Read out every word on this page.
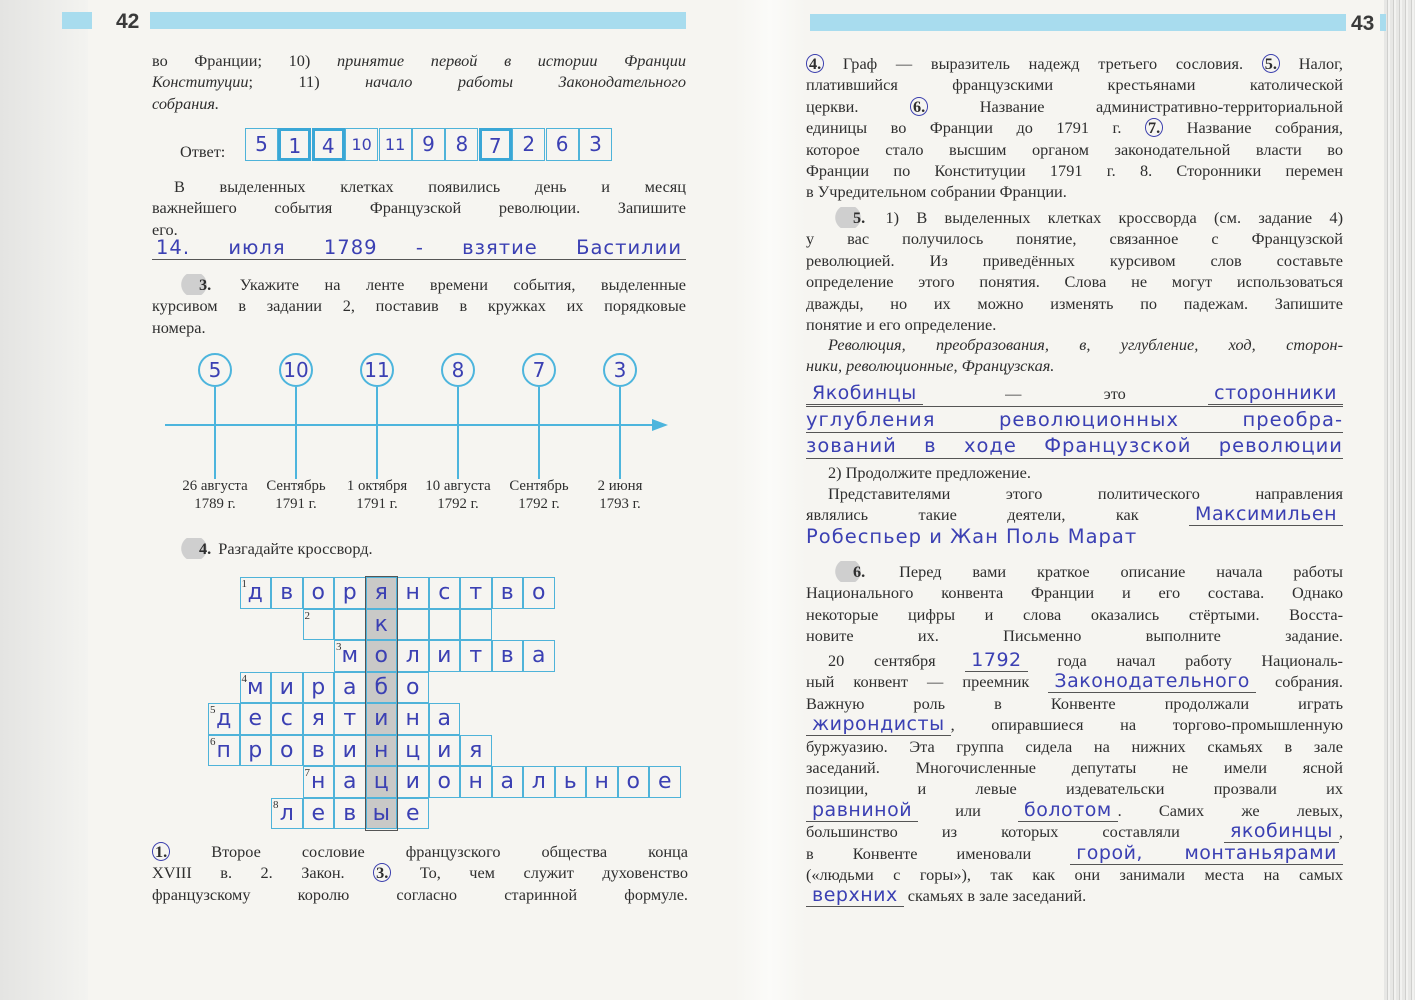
42	43
во Франции; 10) принятие первой в истории Франции
Конституции; 11)	начало работы Законодательного
собрания.
Ответ:	5	1	4	10 11 9	8	7	2	6	3
В выделенных клетках появились день и месяц
важнейшего события Французской революции. Запишите
его.
14. июля 1789 - взятие Бастилии
3. Укажите на ленте времени события, выделенные
курсивом в задании 2, поставив в кружках их порядковые
номера.
5
26 августа
1789 г.
10
Сентябрь
1791 г.
11
1 октября
1791 г.
8
10 августа
1792 г.
7
Сентябрь
1792 г.
3
2 июня
1793 г.
4. Разгадайте кроссворд.
д в о р я н с т в о
1
к
2
м о л и т в а
3
м и р а б о
4
д е с я т и н а
5
п р о в и н ц и я
6
н а ц и о н а л ь н о е
7
л е в ы е
8
1.	Второе сословие французского общества конца
XVIII в. 2. Закон. 3. То, чем служит духовенство
французскому королю согласно старинной формуле.
4. Граф — выразитель надежд третьего сословия. 5. Налог,
платившийся французскими крестьянами католической
церкви.	6.	Название административно-территориальной
единицы во Франции до 1791 г. 7. Название собрания,
которое стало высшим органом законодательной власти во
Франции по Конституции 1791 г. 8. Сторонники перемен
в Учредительном собрании Франции.
5. 1) В выделенных клетках кроссворда (см. задание 4)
у вас получилось понятие, связанное с Французской
революцией. Из приведённых курсивом слов составьте
определение этого понятия. Слова не могут использоваться
дважды, но их можно изменять по падежам. Запишите
понятие и его определение.
Революция, преобразования, в, углубление, ход, сторон-
ники, революционные, Французская.
Якобинцы	— это	сторонники
углубления революционных преобра-
зований в ходе Французской революции
2) Продолжите предложение.
Представителями этого политического направления
являлись такие деятели, как	Максимильен
Робеспьер и Жан Поль Марат
6. Перед вами краткое описание начала работы
Национального конвента Франции и его состава. Однако
некоторые цифры и слова оказались стёртыми. Восста-
новите их. Письменно выполните задание.
20 сентября 1792 года начал работу Националь-
ный конвент — преемник Законодательного собрания.
Важную роль в Конвенте продолжали играть
жирондисты , опиравшиеся на торгово-промышленную
буржуазию. Эта группа сидела на нижних скамьях в зале
заседаний. Многочисленные депутаты не имели ясной
позиции, и левые издевательски прозвали их
равниной	или болотом . Самих же левых,
большинство из которых составляли	якобинцы ,
в Конвенте именовали горой, монтаньярами
(«людьми с горы»), так как они занимали места на самых
верхних скамьях в зале заседаний.
